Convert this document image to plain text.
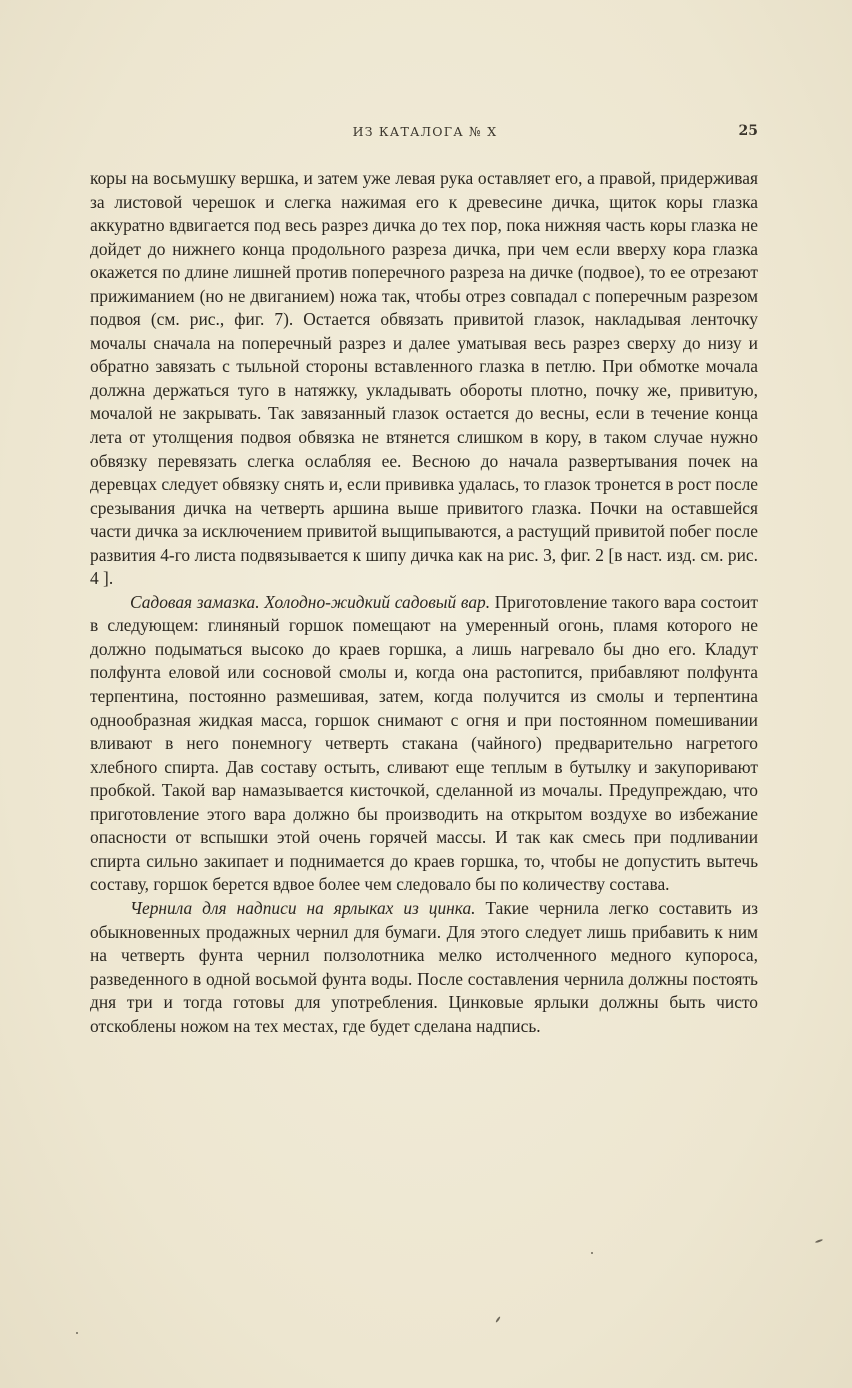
ИЗ КАТАЛОГА № X	25

коры на восьмушку вершка, и затем уже левая рука оставляет его, а правой, придерживая за листовой черешок и слегка нажимая его к древесине дичка, щиток коры глазка аккуратно вдвигается под весь разрез дичка до тех пор, пока нижняя часть коры глазка не дойдет до нижнего конца продольного разреза дичка, при чем если вверху кора глазка окажется по длине лишней против поперечного разреза на дичке (подвое), то ее отрезают прижиманием (но не двиганием) ножа так, чтобы отрез совпадал с поперечным разрезом подвоя (см. рис., фиг. 7). Остается обвязать привитой глазок, накладывая ленточку мочалы сначала на поперечный разрез и далее уматывая весь разрез сверху до низу и обратно завязать с тыльной стороны вставленного глазка в петлю. При обмотке мочала должна держаться туго в натяжку, укладывать обороты плотно, почку же, привитую, мочалой не закрывать. Так завязанный глазок остается до весны, если в течение конца лета от утолщения подвоя обвязка не втянется слишком в кору, в таком случае нужно обвязку перевязать слегка ослабляя ее. Весною до начала развертывания почек на деревцах следует обвязку снять и, если прививка удалась, то глазок тронется в рост после срезывания дичка на четверть аршина выше привитого глазка. Почки на оставшейся части дичка за исключением привитой выщипываются, а растущий привитой побег после развития 4-го листа подвязывается к шипу дичка как на рис. 3, фиг. 2 [в наст. изд. см. рис. 4 ].

Садовая замазка. Холодно-жидкий садовый вар. Приготовление такого вара состоит в следующем: глиняный горшок помещают на умеренный огонь, пламя которого не должно подыматься высоко до краев горшка, а лишь нагревало бы дно его. Кладут полфунта еловой или сосновой смолы и, когда она растопится, прибавляют полфунта терпентина, постоянно размешивая, затем, когда получится из смолы и терпентина однообразная жидкая масса, горшок снимают с огня и при постоянном помешивании вливают в него понемногу четверть стакана (чайного) предварительно нагретого хлебного спирта. Дав составу остыть, сливают еще теплым в бутылку и закупоривают пробкой. Такой вар намазывается кисточкой, сделанной из мочалы. Предупреждаю, что приготовление этого вара должно бы производить на открытом воздухе во избежание опасности от вспышки этой очень горячей массы. И так как смесь при подливании спирта сильно закипает и поднимается до краев горшка, то, чтобы не допустить вытечь составу, горшок берется вдвое более чем следовало бы по количеству состава.

Чернила для надписи на ярлыках из цинка. Такие чернила легко составить из обыкновенных продажных чернил для бумаги. Для этого следует лишь прибавить к ним на четверть фунта чернил ползолотника мелко истолченного медного купороса, разведенного в одной восьмой фунта воды. После составления чернила должны постоять дня три и тогда готовы для употребления. Цинковые ярлыки должны быть чисто отскоблены ножом на тех местах, где будет сделана надпись.
